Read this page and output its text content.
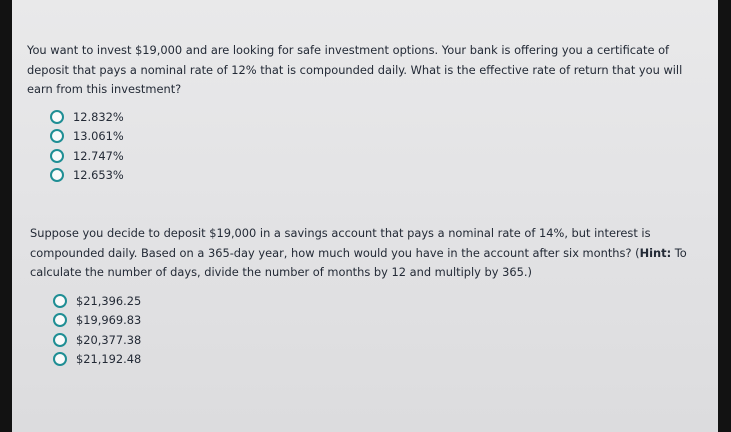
You want to invest $19,000 and are looking for safe investment options. Your bank is offering you a certificate of deposit that pays a nominal rate of 12% that is compounded daily. What is the effective rate of return that you will earn from this investment?

12.832%
13.061%
12.747%
12.653%

Suppose you decide to deposit $19,000 in a savings account that pays a nominal rate of 14%, but interest is compounded daily. Based on a 365-day year, how much would you have in the account after six months? (Hint: To calculate the number of days, divide the number of months by 12 and multiply by 365.)

$21,396.25
$19,969.83
$20,377.38
$21,192.48
